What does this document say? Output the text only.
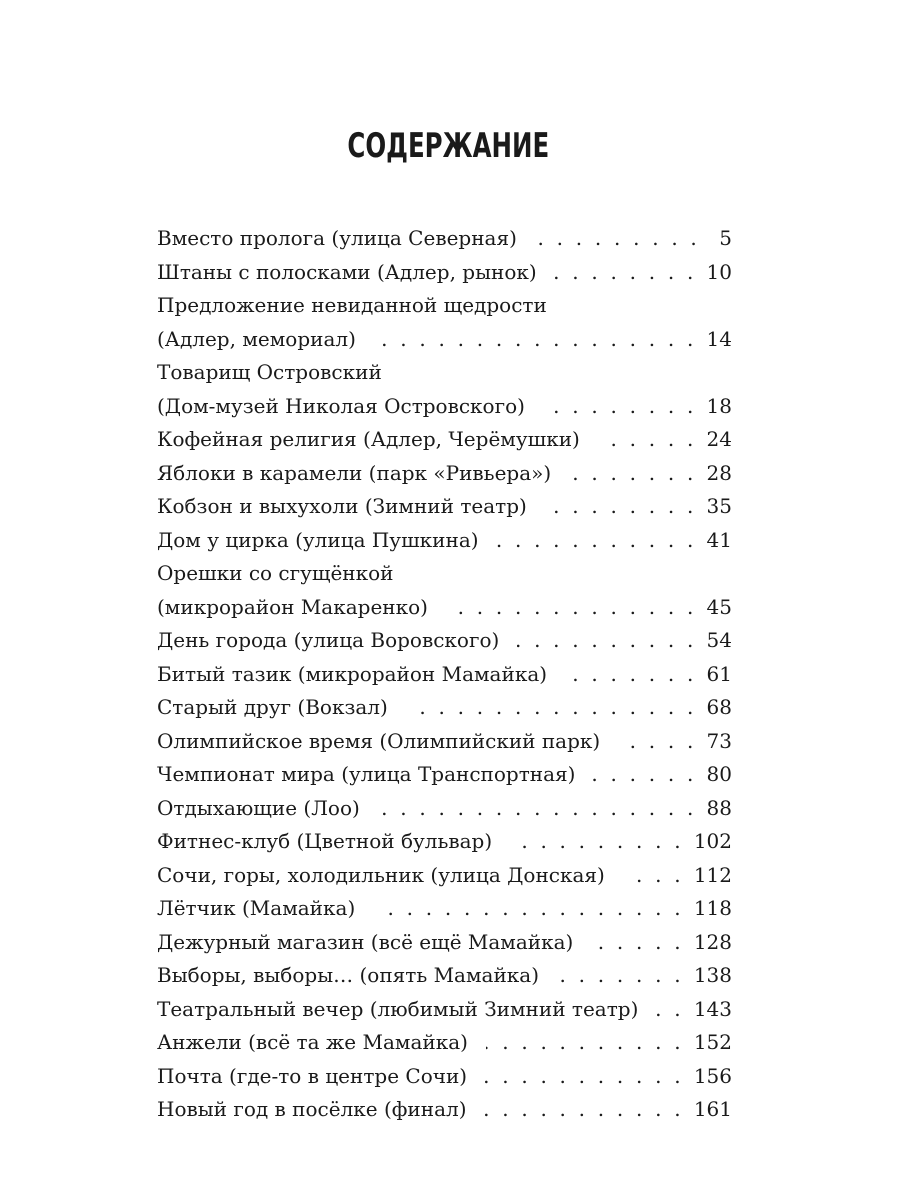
СОДЕРЖАНИЕ
Вместо пролога (улица Северная) . . .	5
Штаны с полосками (Адлер, рынок) . . .	10
Предложение невиданной щедрости
(Адлер, мемориал) . . .	14
Товарищ Островский
(Дом-музей Николая Островского) . . .	18
Кофейная религия (Адлер, Черёмушки) . . .	24
Яблоки в карамели (парк «Ривьера») . . .	28
Кобзон и выхухоли (Зимний театр) . . .	35
Дом у цирка (улица Пушкина) . . .	41
Орешки со сгущёнкой
(микрорайон Макаренко) . . .	45
День города (улица Воровского) . . .	54
Битый тазик (микрорайон Мамайка) . . .	61
Старый друг (Вокзал) . . .	68
Олимпийское время (Олимпийский парк) . . .	73
Чемпионат мира (улица Транспортная) . . .	80
Отдыхающие (Лоо) . . .	88
Фитнес-клуб (Цветной бульвар) . . .	102
Сочи, горы, холодильник (улица Донская) . . .	112
Лётчик (Мамайка) . . .	118
Дежурный магазин (всё ещё Мамайка) . . .	128
Выборы, выборы… (опять Мамайка) . . .	138
Театральный вечер (любимый Зимний театр) . . .	143
Анжели (всё та же Мамайка) . . .	152
Почта (где-то в центре Сочи) . . .	156
Новый год в посёлке (финал) . . .	161
